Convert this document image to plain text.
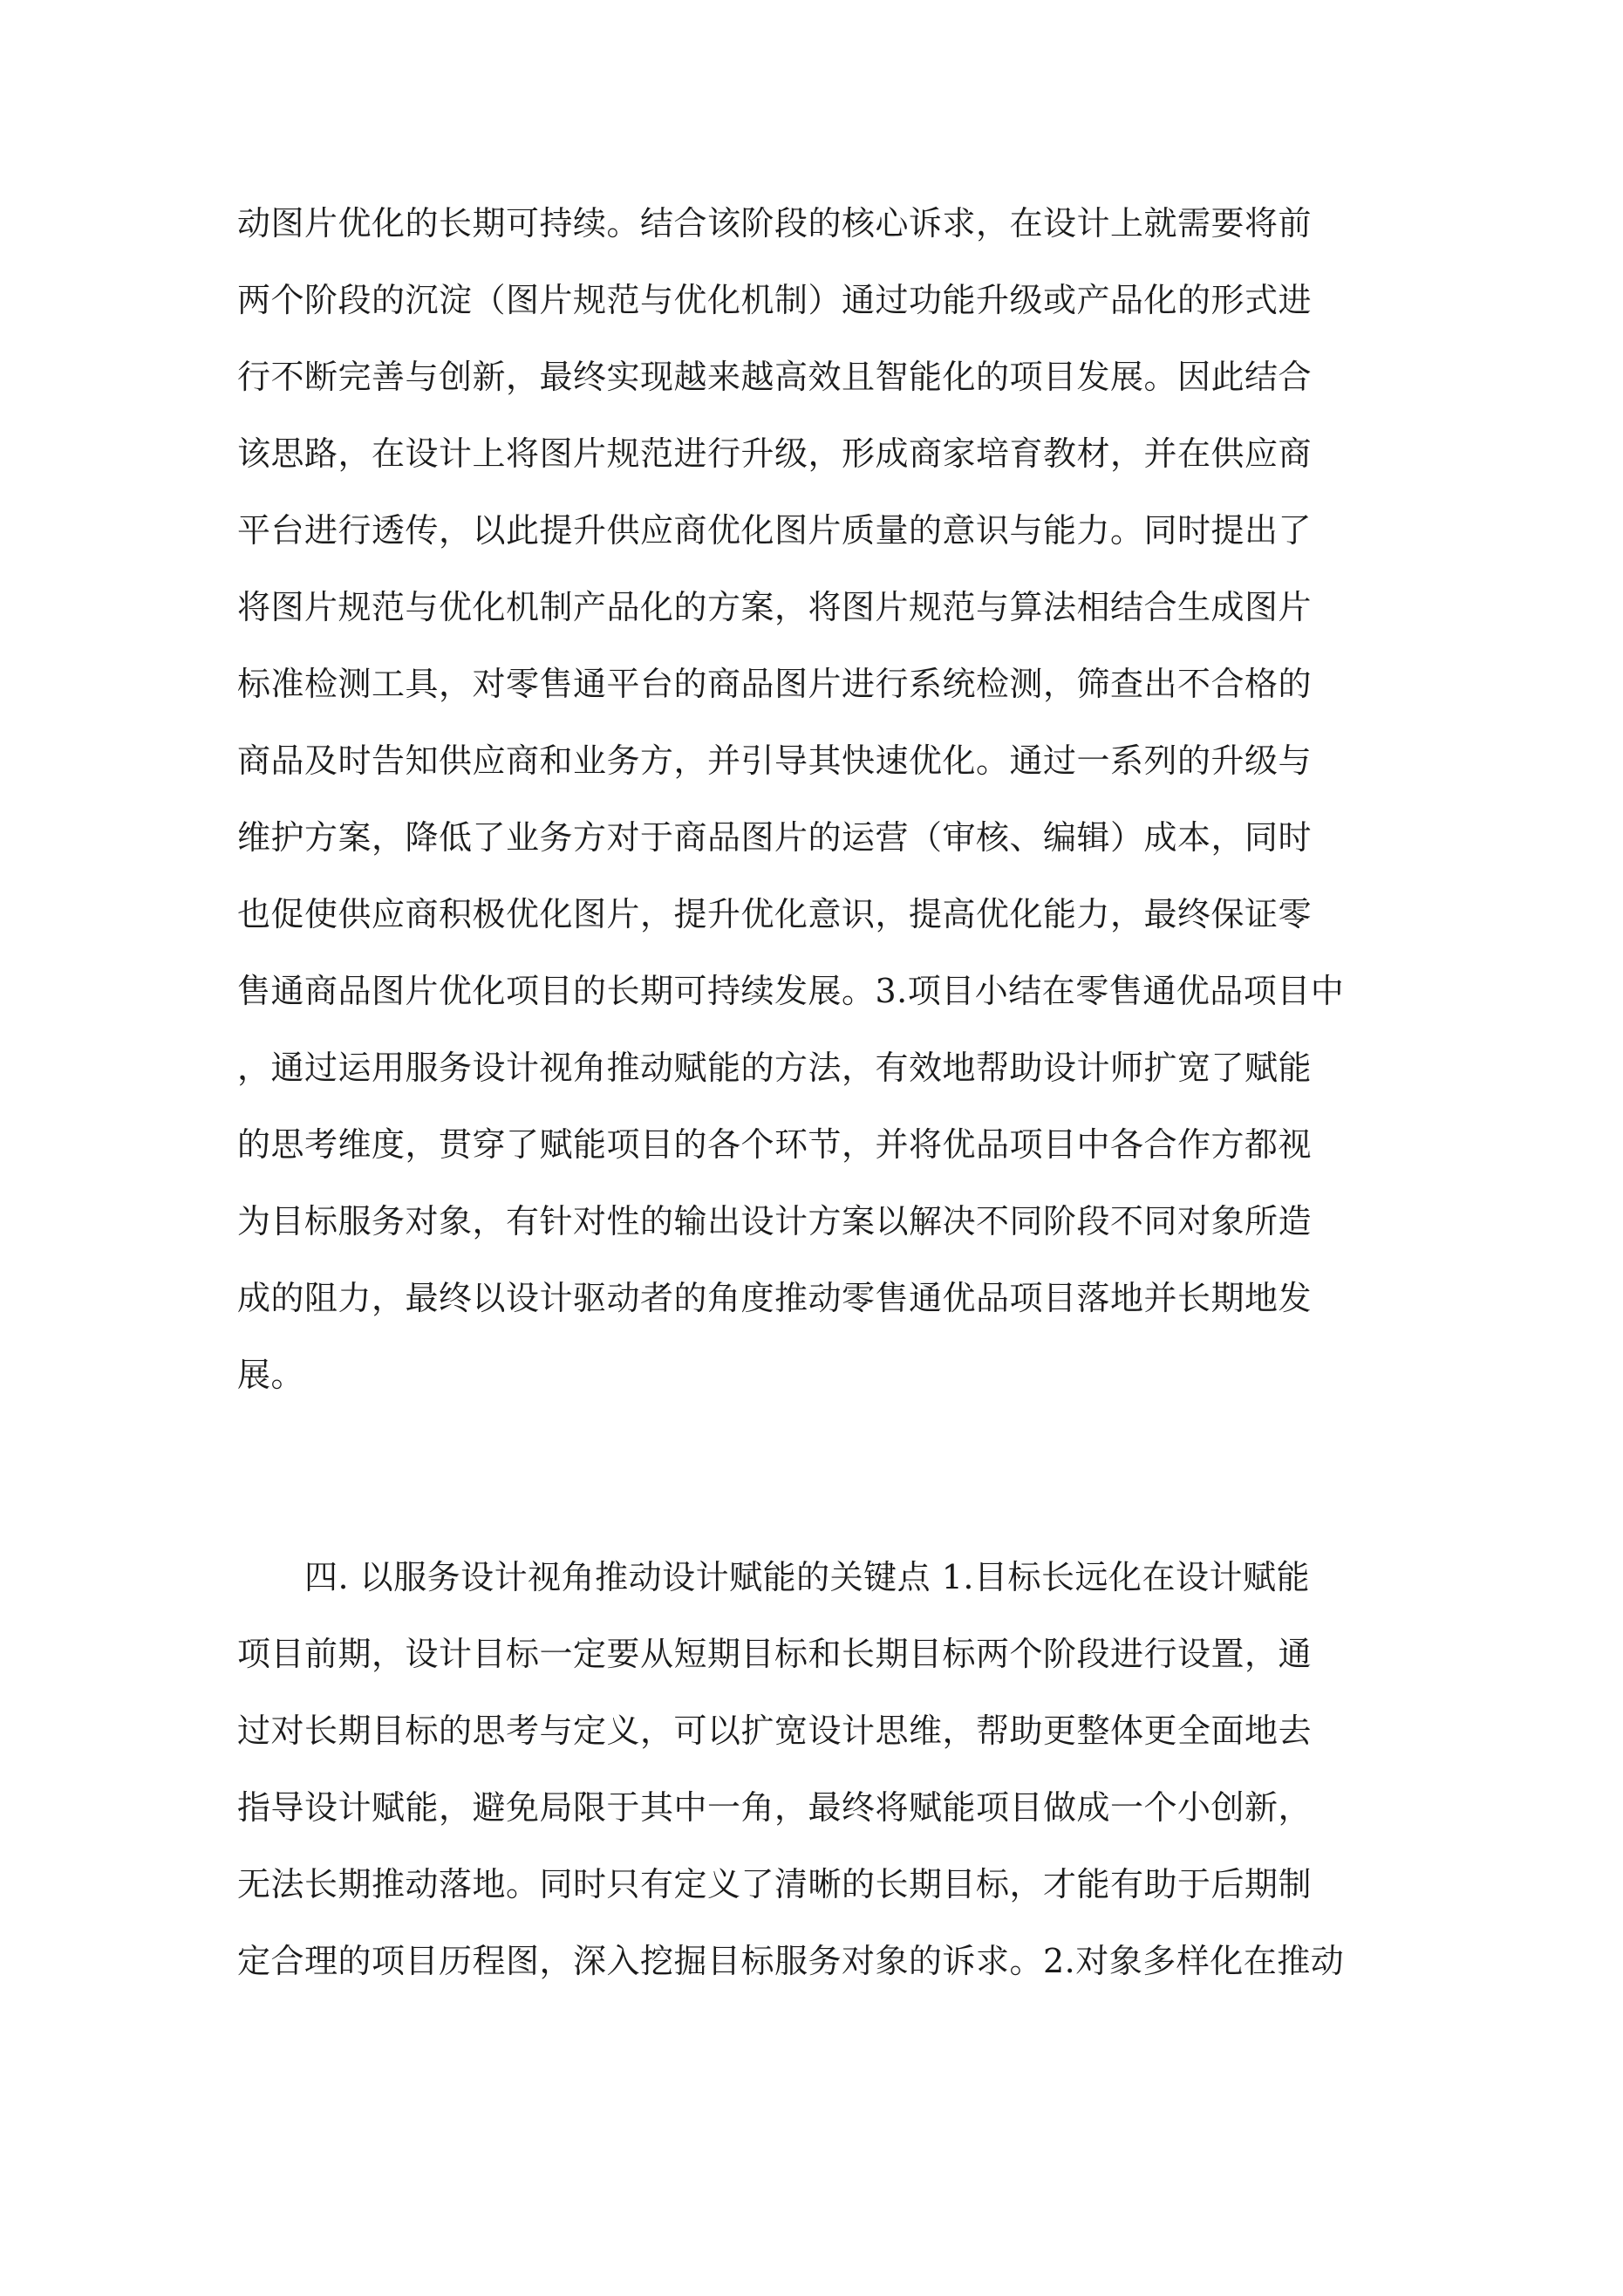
动图片优化的长期可持续。结合该阶段的核心诉求，在设计上就需要将前
两个阶段的沉淀（图片规范与优化机制）通过功能升级或产品化的形式进
行不断完善与创新，最终实现越来越高效且智能化的项目发展。因此结合
该思路，在设计上将图片规范进行升级，形成商家培育教材，并在供应商
平台进行透传，以此提升供应商优化图片质量的意识与能力。同时提出了
将图片规范与优化机制产品化的方案，将图片规范与算法相结合生成图片
标准检测工具，对零售通平台的商品图片进行系统检测，筛查出不合格的
商品及时告知供应商和业务方，并引导其快速优化。通过一系列的升级与
维护方案，降低了业务方对于商品图片的运营（审核、编辑）成本，同时
也促使供应商积极优化图片，提升优化意识，提高优化能力，最终保证零
售通商品图片优化项目的长期可持续发展。3.项目小结在零售通优品项目中
，通过运用服务设计视角推动赋能的方法，有效地帮助设计师扩宽了赋能
的思考维度，贯穿了赋能项目的各个环节，并将优品项目中各合作方都视
为目标服务对象，有针对性的输出设计方案以解决不同阶段不同对象所造
成的阻力，最终以设计驱动者的角度推动零售通优品项目落地并长期地发
展。
　　四. 以服务设计视角推动设计赋能的关键点 1.目标长远化在设计赋能
项目前期，设计目标一定要从短期目标和长期目标两个阶段进行设置，通
过对长期目标的思考与定义，可以扩宽设计思维，帮助更整体更全面地去
指导设计赋能，避免局限于其中一角，最终将赋能项目做成一个小创新，
无法长期推动落地。同时只有定义了清晰的长期目标，才能有助于后期制
定合理的项目历程图，深入挖掘目标服务对象的诉求。2.对象多样化在推动
